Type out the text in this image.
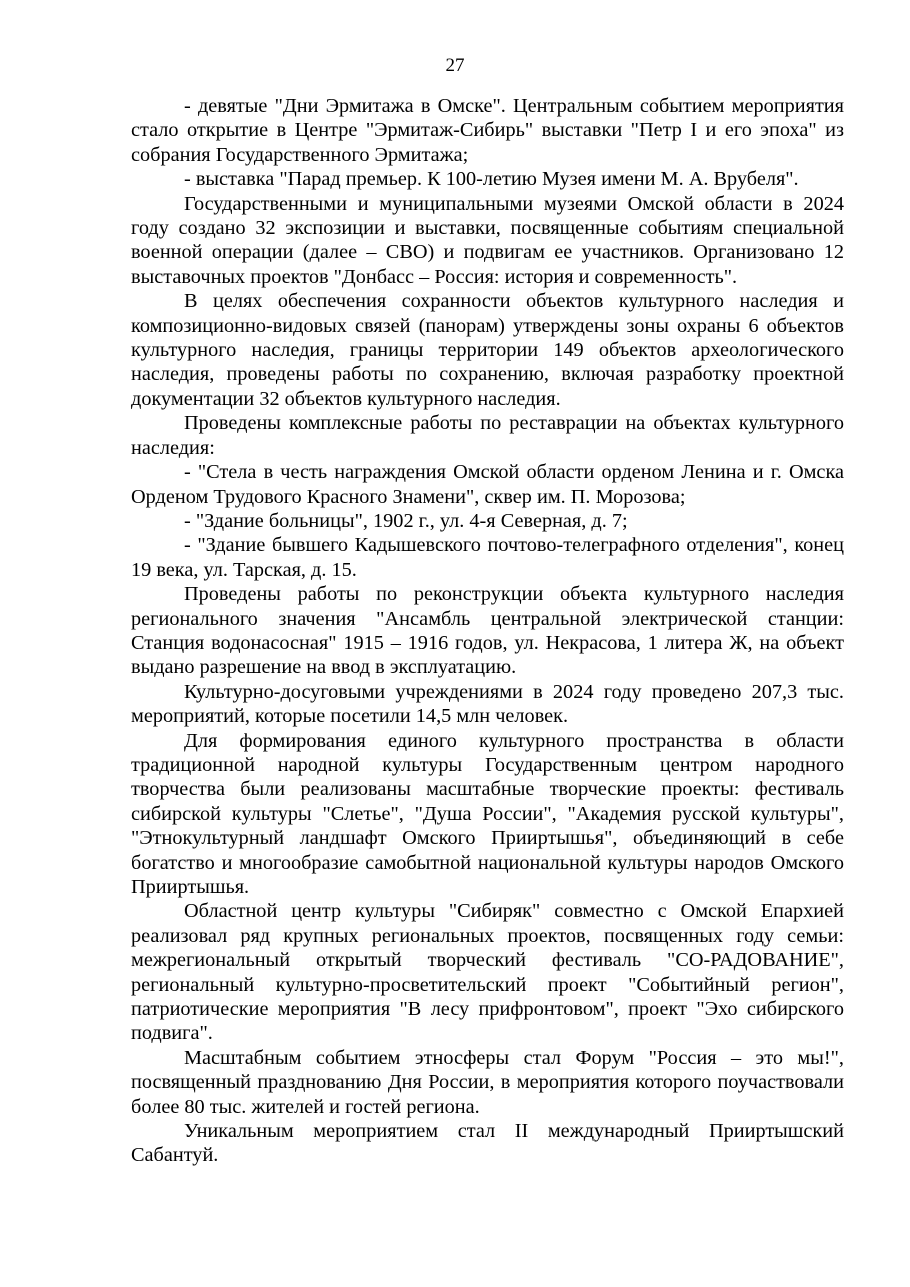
27

- девятые "Дни Эрмитажа в Омске". Центральным событием мероприятия стало открытие в Центре "Эрмитаж-Сибирь" выставки "Петр I и его эпоха" из собрания Государственного Эрмитажа;

- выставка "Парад премьер. К 100-летию Музея имени М. А. Врубеля".

Государственными и муниципальными музеями Омской области в 2024 году создано 32 экспозиции и выставки, посвященные событиям специальной военной операции (далее – СВО) и подвигам ее участников. Организовано 12 выставочных проектов "Донбасс – Россия: история и современность".

В целях обеспечения сохранности объектов культурного наследия и композиционно-видовых связей (панорам) утверждены зоны охраны 6 объектов культурного наследия, границы территории 149 объектов археологического наследия, проведены работы по сохранению, включая разработку проектной документации 32 объектов культурного наследия.

Проведены комплексные работы по реставрации на объектах культурного наследия:

- "Стела в честь награждения Омской области орденом Ленина и г. Омска Орденом Трудового Красного Знамени", сквер им. П. Морозова;

- "Здание больницы", 1902 г., ул. 4-я Северная, д. 7;

- "Здание бывшего Кадышевского почтово-телеграфного отделения", конец 19 века, ул. Тарская, д. 15.

Проведены работы по реконструкции объекта культурного наследия регионального значения "Ансамбль центральной электрической станции: Станция водонасосная" 1915 – 1916 годов, ул. Некрасова, 1 литера Ж, на объект выдано разрешение на ввод в эксплуатацию.

Культурно-досуговыми учреждениями в 2024 году проведено 207,3 тыс. мероприятий, которые посетили 14,5 млн человек.

Для формирования единого культурного пространства в области традиционной народной культуры Государственным центром народного творчества были реализованы масштабные творческие проекты: фестиваль сибирской культуры "Слетье", "Душа России", "Академия русской культуры", "Этнокультурный ландшафт Омского Прииртышья", объединяющий в себе богатство и многообразие самобытной национальной культуры народов Омского Прииртышья.

Областной центр культуры "Сибиряк" совместно с Омской Епархией реализовал ряд крупных региональных проектов, посвященных году семьи: межрегиональный открытый творческий фестиваль "СО-РАДОВАНИЕ", региональный культурно-просветительский проект "Событийный регион", патриотические мероприятия "В лесу прифронтовом", проект "Эхо сибирского подвига".

Масштабным событием этносферы стал Форум "Россия – это мы!", посвященный празднованию Дня России, в мероприятия которого поучаствовали более 80 тыс. жителей и гостей региона.

Уникальным мероприятием стал II международный Прииртышский Сабантуй.
